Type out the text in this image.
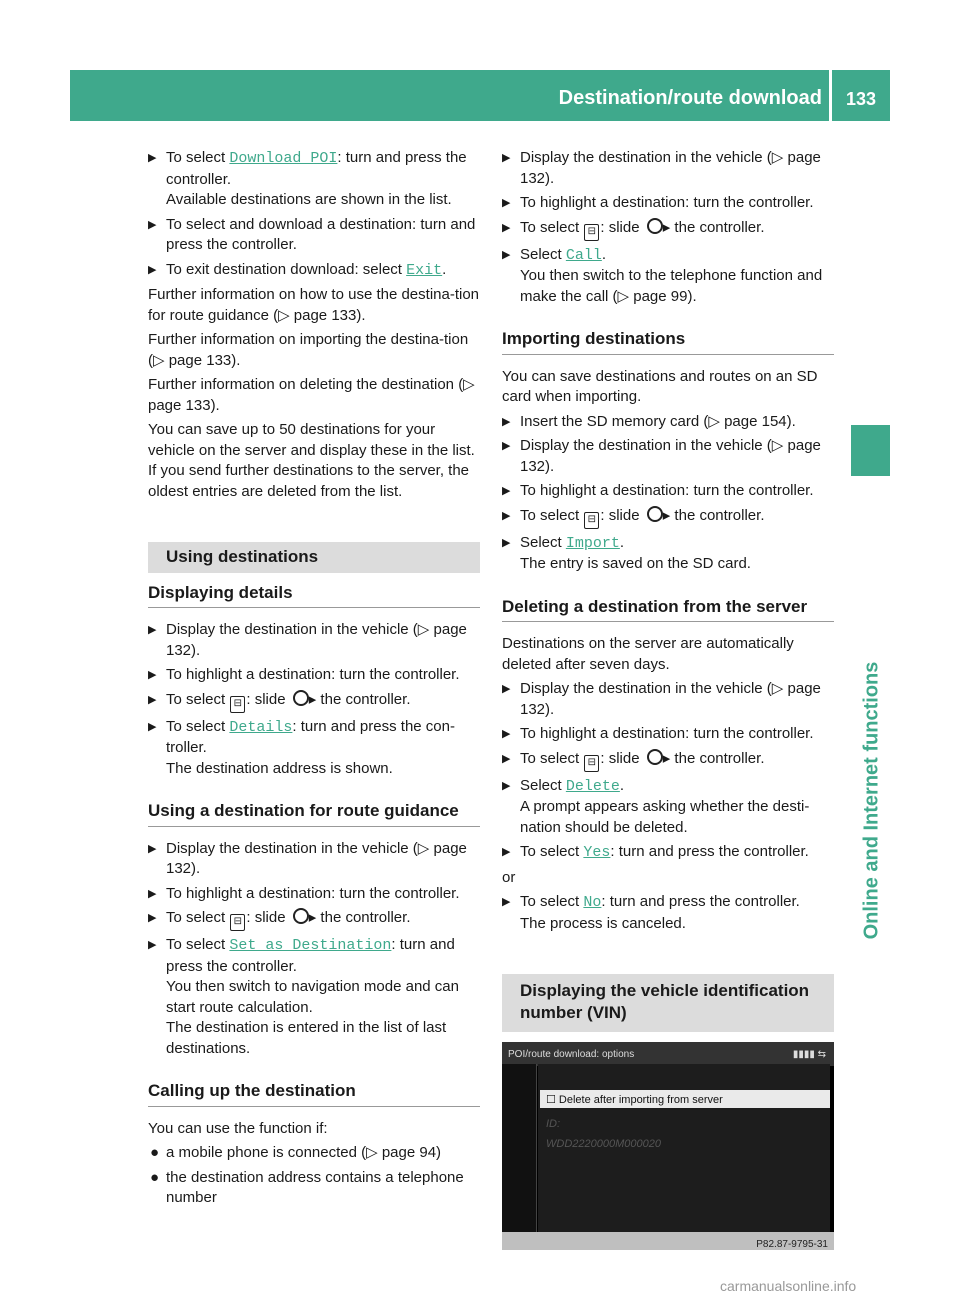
Destination/route download 133
Online and Internet functions
▶ To select Download POI: turn and press the controller.
Available destinations are shown in the list.
▶ To select and download a destination: turn and press the controller.
▶ To exit destination download: select Exit.
Further information on how to use the destina-tion for route guidance (▷ page 133).
Further information on importing the destina-tion (▷ page 133).
Further information on deleting the destination (▷ page 133).
You can save up to 50 destinations for your vehicle on the server and display these in the list. If you send further destinations to the server, the oldest entries are deleted from the list.
Using destinations
Displaying details
▶ Display the destination in the vehicle (▷ page 132).
▶ To highlight a destination: turn the controller.
▶ To select ⊟ : slide ▸ the controller.
▶ To select Details: turn and press the con-troller.
The destination address is shown.
Using a destination for route guidance
▶ Display the destination in the vehicle (▷ page 132).
▶ To highlight a destination: turn the controller.
▶ To select ⊟ : slide ▸ the controller.
▶ To select Set as Destination: turn and press the controller.
You then switch to navigation mode and can start route calculation.
The destination is entered in the list of last destinations.
Calling up the destination
You can use the function if:
● a mobile phone is connected (▷ page 94)
● the destination address contains a telephone number
▶ Display the destination in the vehicle (▷ page 132).
▶ To highlight a destination: turn the controller.
▶ To select ⊟ : slide ▸ the controller.
▶ Select Call.
You then switch to the telephone function and make the call (▷ page 99).
Importing destinations
You can save destinations and routes on an SD card when importing.
▶ Insert the SD memory card (▷ page 154).
▶ Display the destination in the vehicle (▷ page 132).
▶ To highlight a destination: turn the controller.
▶ To select ⊟ : slide ▸ the controller.
▶ Select Import.
The entry is saved on the SD card.
Deleting a destination from the server
Destinations on the server are automatically deleted after seven days.
▶ Display the destination in the vehicle (▷ page 132).
▶ To highlight a destination: turn the controller.
▶ To select ⊟ : slide ▸ the controller.
▶ Select Delete.
A prompt appears asking whether the desti-nation should be deleted.
▶ To select Yes: turn and press the controller.
or
▶ To select No: turn and press the controller.
The process is canceled.
Displaying the vehicle identification number (VIN)
POI/route download: options	▮▮▮▮ ⇆
☐ Delete after importing from server
ID:
WDD2220000M000020
P82.87-9795-31
carmanualsonline.info
